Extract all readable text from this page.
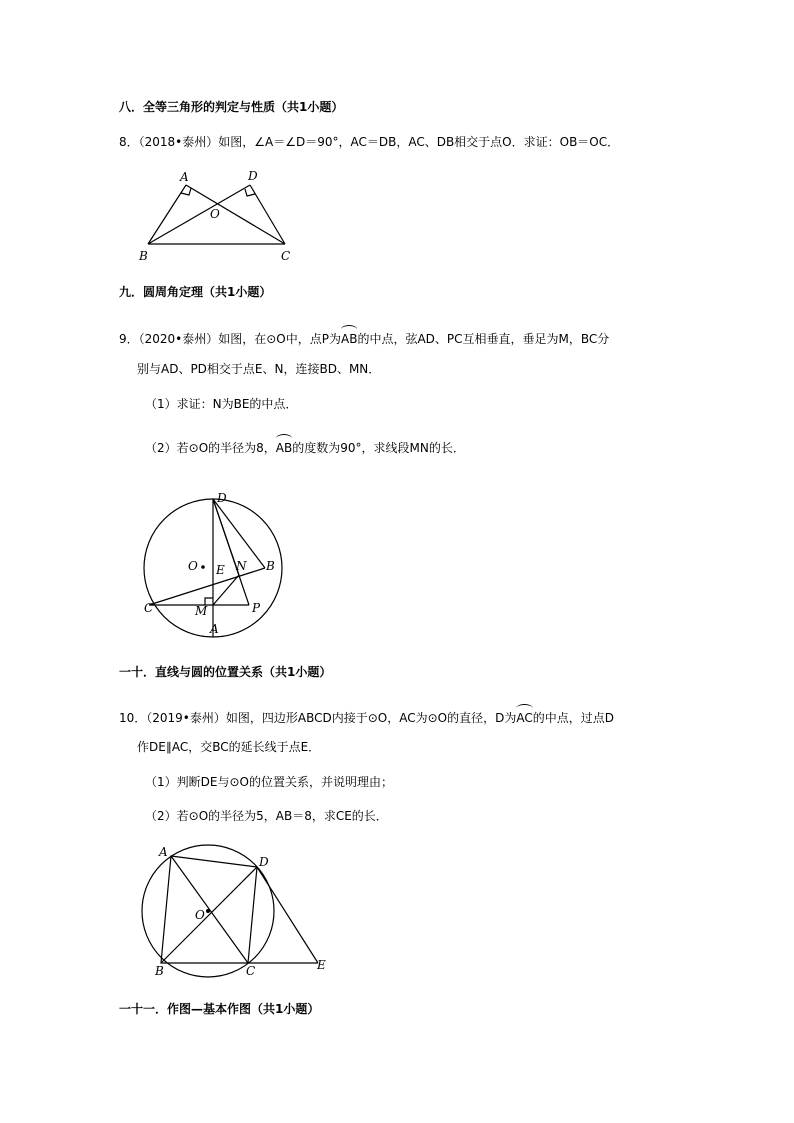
八．全等三角形的判定与性质（共1小题）
8．（2018•泰州）如图，∠A＝∠D＝90°，AC＝DB，AC、DB相交于点O．求证：OB＝OC．
A	D
O
B	C
九．圆周角定理（共1小题）
9．（2020•泰州）如图，在⊙O中，点P为AB的中点，弦AD、PC互相垂直，垂足为M，BC分
别与AD、PD相交于点E、N，连接BD、MN．
（1）求证：N为BE的中点．
（2）若⊙O的半径为8，AB的度数为90°，求线段MN的长．
D
O E N B
C	M	P
A
一十．直线与圆的位置关系（共1小题）
10．（2019•泰州）如图，四边形ABCD内接于⊙O，AC为⊙O的直径，D为AC的中点，过点D
作DE∥AC，交BC的延长线于点E．
（1）判断DE与⊙O的位置关系，并说明理由；
（2）若⊙O的半径为5，AB＝8，求CE的长．
A
D
O
B	C	E
一十一．作图—基本作图（共1小题）
